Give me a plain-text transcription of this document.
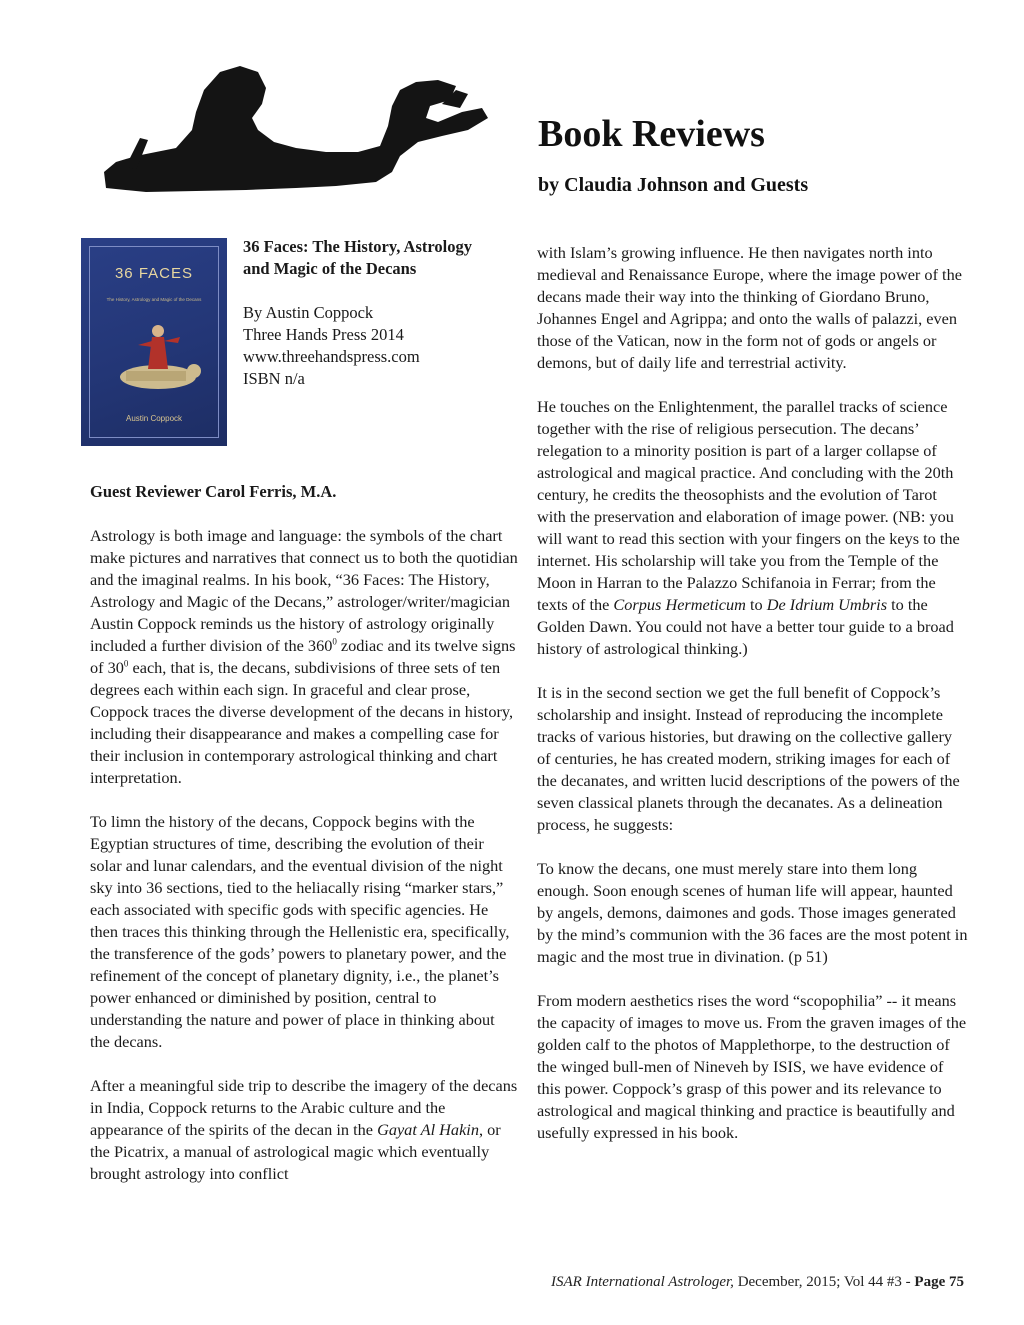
Book Reviews
by Claudia Johnson and Guests
36 FACES
The History, Astrology and Magic of the Decans
Austin Coppock
36 Faces: The History, Astrology
and Magic of the Decans
By Austin Coppock
Three Hands Press 2014
www.threehandspress.com
ISBN n/a
Guest Reviewer Carol Ferris, M.A.

Astrology is both image and language: the symbols of the chart make pictures and narratives that connect us to both the quotidian and the imaginal realms. In his book, “36 Faces: The History, Astrology and Magic of the Decans,” astrologer/writer/magician Austin Coppock reminds us the history of astrology originally included a further division of the $360^0$ zodiac and its twelve signs of $30^0$ each, that is, the decans, subdivisions of three sets of ten degrees each within each sign. In graceful and clear prose, Coppock traces the diverse development of the decans in history, including their disappearance and makes a compelling case for their inclusion in contemporary astrological thinking and chart interpretation.

To limn the history of the decans, Coppock begins with the Egyptian structures of time, describing the evolution of their solar and lunar calendars, and the eventual division of the night sky into 36 sections, tied to the heliacally rising “marker stars,” each associated with specific gods with specific agencies. He then traces this thinking through the Hellenistic era, specifically, the transference of the gods’ powers to planetary power, and the refinement of the concept of planetary dignity, i.e., the planet’s power enhanced or diminished by position, central to understanding the nature and power of place in thinking about the decans.

After a meaningful side trip to describe the imagery of the decans in India, Coppock returns to the Arabic culture and the appearance of the spirits of the decan in the Gayat Al Hakin, or the Picatrix, a manual of astrological magic which eventually brought astrology into conflict

with Islam’s growing influence. He then navigates north into medieval and Renaissance Europe, where the image power of the decans made their way into the thinking of Giordano Bruno, Johannes Engel and Agrippa; and onto the walls of palazzi, even those of the Vatican, now in the form not of gods or angels or demons, but of daily life and terrestrial activity.

He touches on the Enlightenment, the parallel tracks of science together with the rise of religious persecution. The decans’ relegation to a minority position is part of a larger collapse of astrological and magical practice. And concluding with the 20th century, he credits the theosophists and the evolution of Tarot with the preservation and elaboration of image power. (NB: you will want to read this section with your fingers on the keys to the internet. His scholarship will take you from the Temple of the Moon in Harran to the Palazzo Schifanoia in Ferrar; from the texts of the Corpus Hermeticum to De Idrium Umbris to the Golden Dawn. You could not have a better tour guide to a broad history of astrological thinking.)

It is in the second section we get the full benefit of Coppock’s scholarship and insight. Instead of reproducing the incomplete tracks of various histories, but drawing on the collective gallery of centuries, he has created modern, striking images for each of the decanates, and written lucid descriptions of the powers of the seven classical planets through the decanates. As a delineation process, he suggests:

To know the decans, one must merely stare into them long enough. Soon enough scenes of human life will appear, haunted by angels, demons, daimones and gods. Those images generated by the mind’s communion with the 36 faces are the most potent in magic and the most true in divination. (p 51)

From modern aesthetics rises the word “scopophilia” -- it means the capacity of images to move us. From the graven images of the golden calf to the photos of Mapplethorpe, to the destruction of the winged bull-men of Nineveh by ISIS, we have evidence of this power. Coppock’s grasp of this power and its relevance to astrological and magical thinking and practice is beautifully and usefully expressed in his book.

ISAR International Astrologer, December, 2015; Vol 44 #3 - Page 75
